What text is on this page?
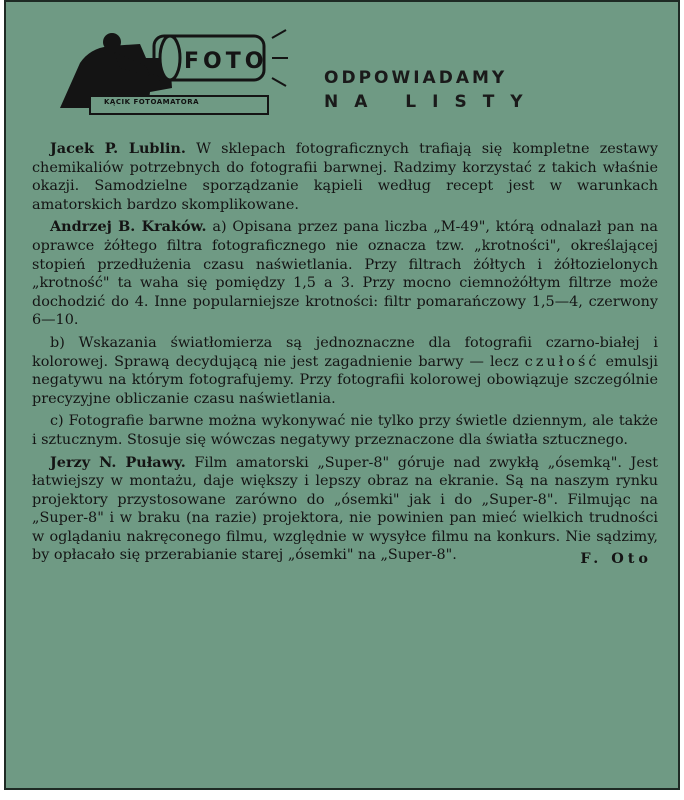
FOTO
KĄCIK FOTOAMATORA
ODPOWIADAMY
NA LISTY

Jacek P. Lublin. W sklepach fotograficznych trafiają się kompletne zestawy chemikaliów potrzebnych do fotografii barwnej. Radzimy korzystać z takich właśnie okazji. Samodzielne sporządzanie kąpieli według recept jest w warunkach amatorskich bardzo skomplikowane.

Andrzej B. Kraków. a) Opisana przez pana liczba „M-49", którą odnalazł pan na oprawce żółtego filtra fotograficznego nie oznacza tzw. „krotności", określającej stopień przedłużenia czasu naświetlania. Przy filtrach żółtych i żółtozielonych „krotność" ta waha się pomiędzy 1,5 a 3. Przy mocno ciemnożółtym filtrze może dochodzić do 4. Inne popularniejsze krotności: filtr pomarańczowy 1,5—4, czerwony 6—10.

b) Wskazania światłomierza są jednoznaczne dla fotografii czarno-białej i kolorowej. Sprawą decydującą nie jest zagadnienie barwy — lecz czułość emulsji negatywu na którym fotografujemy. Przy fotografii kolorowej obowiązuje szczególnie precyzyjne obliczanie czasu naświetlania.

c) Fotografie barwne można wykonywać nie tylko przy świetle dziennym, ale także i sztucznym. Stosuje się wówczas negatywy przeznaczone dla światła sztucznego.

Jerzy N. Puławy. Film amatorski „Super-8" góruje nad zwykłą „ósemką". Jest łatwiejszy w montażu, daje większy i lepszy obraz na ekranie. Są na naszym rynku projektory przystosowane zarówno do „ósemki" jak i do „Super-8". Filmując na „Super-8" i w braku (na razie) projektora, nie powinien pan mieć wielkich trudności w oglądaniu nakręconego filmu, względnie w wysyłce filmu na konkurs. Nie sądzimy, by opłacało się przerabianie starej „ósemki" na „Super-8".	F. Oto
